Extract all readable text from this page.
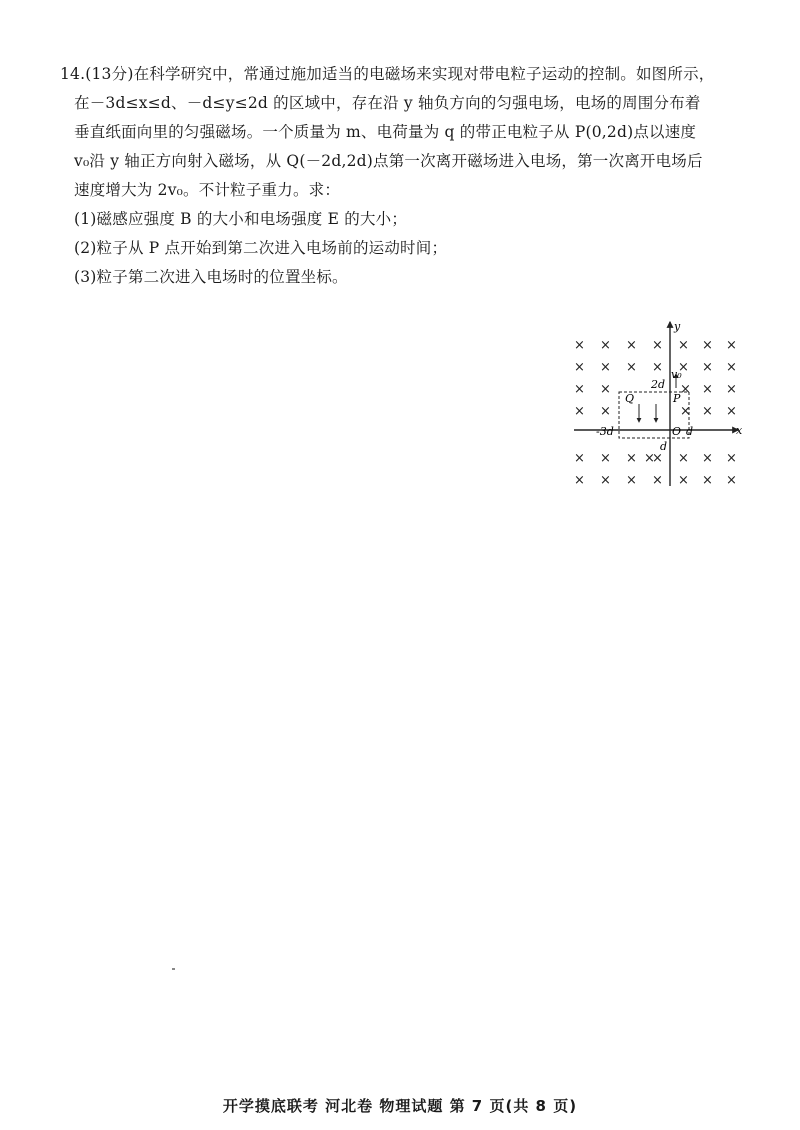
14.(13分)在科学研究中，常通过施加适当的电磁场来实现对带电粒子运动的控制。如图所示，

在－3d≤x≤d、－d≤y≤2d 的区域中，存在沿 y 轴负方向的匀强电场，电场的周围分布着

垂直纸面向里的匀强磁场。一个质量为 m、电荷量为 q 的带正电粒子从 P(0,2d)点以速度

v₀沿 y 轴正方向射入磁场，从 Q(－2d,2d)点第一次离开磁场进入电场，第一次离开电场后

速度增大为 2v₀。不计粒子重力。求：

(1)磁感应强度 B 的大小和电场强度 E 的大小；

(2)粒子从 P 点开始到第二次进入电场前的运动时间；

(3)粒子第二次进入电场时的位置坐标。

× × × × × × ×
× × × × × × ×
× ×	× ×
× ×	× ×
× × × × × × ×
× × × × × × ×
×
×
×
y
x
v₀
2d
Q	P
-3d	O d
d
开学摸底联考 河北卷 物理试题 第 7 页(共 8 页)
